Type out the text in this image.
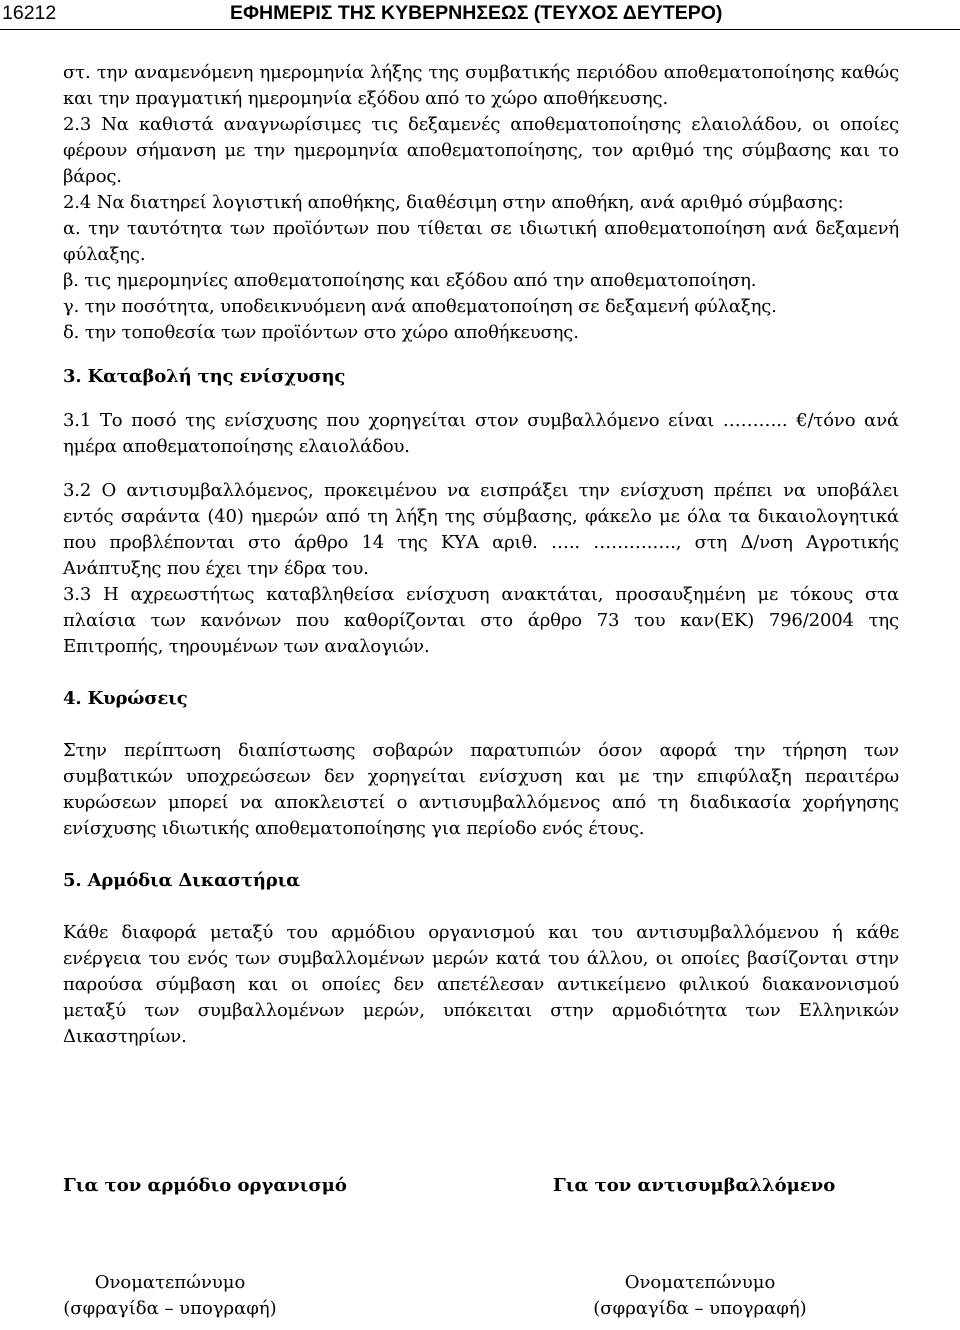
16212	ΕΦΗΜΕΡΙΣ ΤΗΣ ΚΥΒΕΡΝΗΣΕΩΣ (ΤΕΥΧΟΣ ΔΕΥΤΕΡΟ)

στ. την αναμενόμενη ημερομηνία λήξης της συμβατικής περιόδου αποθεματοποίησης καθώς και την πραγματική ημερομηνία εξόδου από το χώρο αποθήκευσης.

2.3 Να καθιστά αναγνωρίσιμες τις δεξαμενές αποθεματοποίησης ελαιολάδου, οι οποίες φέρουν σήμανση με την ημερομηνία αποθεματοποίησης, τον αριθμό της σύμβασης και το βάρος.

2.4 Να διατηρεί λογιστική αποθήκης, διαθέσιμη στην αποθήκη, ανά αριθμό σύμβασης:

α. την ταυτότητα των προϊόντων που τίθεται σε ιδιωτική αποθεματοποίηση ανά δεξαμενή φύλαξης.

β. τις ημερομηνίες αποθεματοποίησης και εξόδου από την αποθεματοποίηση.

γ. την ποσότητα, υποδεικνυόμενη ανά αποθεματοποίηση σε δεξαμενή φύλαξης.

δ. την τοποθεσία των προϊόντων στο χώρο αποθήκευσης.

3. Καταβολή της ενίσχυσης

3.1 Το ποσό της ενίσχυσης που χορηγείται στον συμβαλλόμενο είναι ……….. €/τόνο ανά ημέρα αποθεματοποίησης ελαιολάδου.

3.2 Ο αντισυμβαλλόμενος, προκειμένου να εισπράξει την ενίσχυση πρέπει να υποβάλει εντός σαράντα (40) ημερών από τη λήξη της σύμβασης, φάκελο με όλα τα δικαιολογητικά που προβλέπονται στο άρθρο 14 της ΚΥΑ αριθ. ….. ……….…., στη Δ/νση Αγροτικής Ανάπτυξης που έχει την έδρα του.

3.3 Η αχρεωστήτως καταβληθείσα ενίσχυση ανακτάται, προσαυξημένη με τόκους στα πλαίσια των κανόνων που καθορίζονται στο άρθρο 73 του καν(ΕΚ) 796/2004 της Επιτροπής, τηρουμένων των αναλογιών.

4. Κυρώσεις

Στην περίπτωση διαπίστωσης σοβαρών παρατυπιών όσον αφορά την τήρηση των συμβατικών υποχρεώσεων δεν χορηγείται ενίσχυση και με την επιφύλαξη περαιτέρω κυρώσεων μπορεί να αποκλειστεί ο αντισυμβαλλόμενος από τη διαδικασία χορήγησης ενίσχυσης ιδιωτικής αποθεματοποίησης για περίοδο ενός έτους.

5. Αρμόδια Δικαστήρια

Κάθε διαφορά μεταξύ του αρμόδιου οργανισμού και του αντισυμβαλλόμενου ή κάθε ενέργεια του ενός των συμβαλλομένων μερών κατά του άλλου, οι οποίες βασίζονται στην παρούσα σύμβαση και οι οποίες δεν απετέλεσαν αντικείμενο φιλικού διακανονισμού μεταξύ των συμβαλλομένων μερών, υπόκειται στην αρμοδιότητα των Ελληνικών Δικαστηρίων.

Για τον αρμόδιο οργανισμό	Για τον αντισυμβαλλόμενο
Ονοματεπώνυμο
(σφραγίδα – υπογραφή)
Ονοματεπώνυμο
(σφραγίδα – υπογραφή)
